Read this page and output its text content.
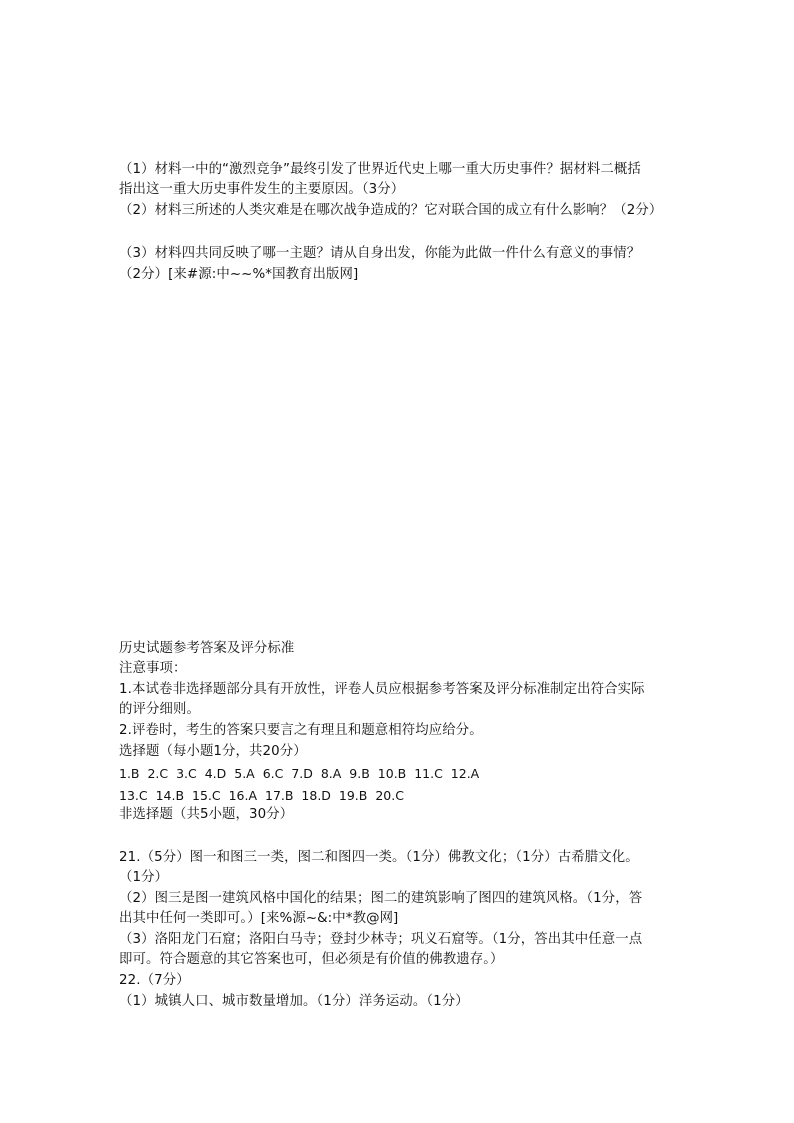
（1）材料一中的“激烈竞争”最终引发了世界近代史上哪一重大历史事件？据材料二概括
指出这一重大历史事件发生的主要原因。（3分）
（2）材料三所述的人类灾难是在哪次战争造成的？它对联合国的成立有什么影响？（2分）
（3）材料四共同反映了哪一主题？请从自身出发，你能为此做一件什么有意义的事情？
（2分）[来#源:中~~%*国教育出版网]
历史试题参考答案及评分标准
注意事项：
1.本试卷非选择题部分具有开放性，评卷人员应根据参考答案及评分标准制定出符合实际
的评分细则。
2.评卷时，考生的答案只要言之有理且和题意相符均应给分。
选择题（每小题1分，共20分）
1.B 2.C 3.C 4.D 5.A 6.C 7.D 8.A 9.B 10.B 11.C 12.A
13.C 14.B 15.C 16.A 17.B 18.D 19.B 20.C
非选择题（共5小题，30分）
21.（5分）图一和图三一类，图二和图四一类。（1分）佛教文化；（1分）古希腊文化。
（1分）
（2）图三是图一建筑风格中国化的结果；图二的建筑影响了图四的建筑风格。（1分，答
出其中任何一类即可。）[来%源~&:中*教@网]
（3）洛阳龙门石窟；洛阳白马寺；登封少林寺；巩义石窟等。（1分，答出其中任意一点
即可。符合题意的其它答案也可，但必须是有价值的佛教遗存。）
22.（7分）
（1）城镇人口、城市数量增加。（1分）洋务运动。（1分）
